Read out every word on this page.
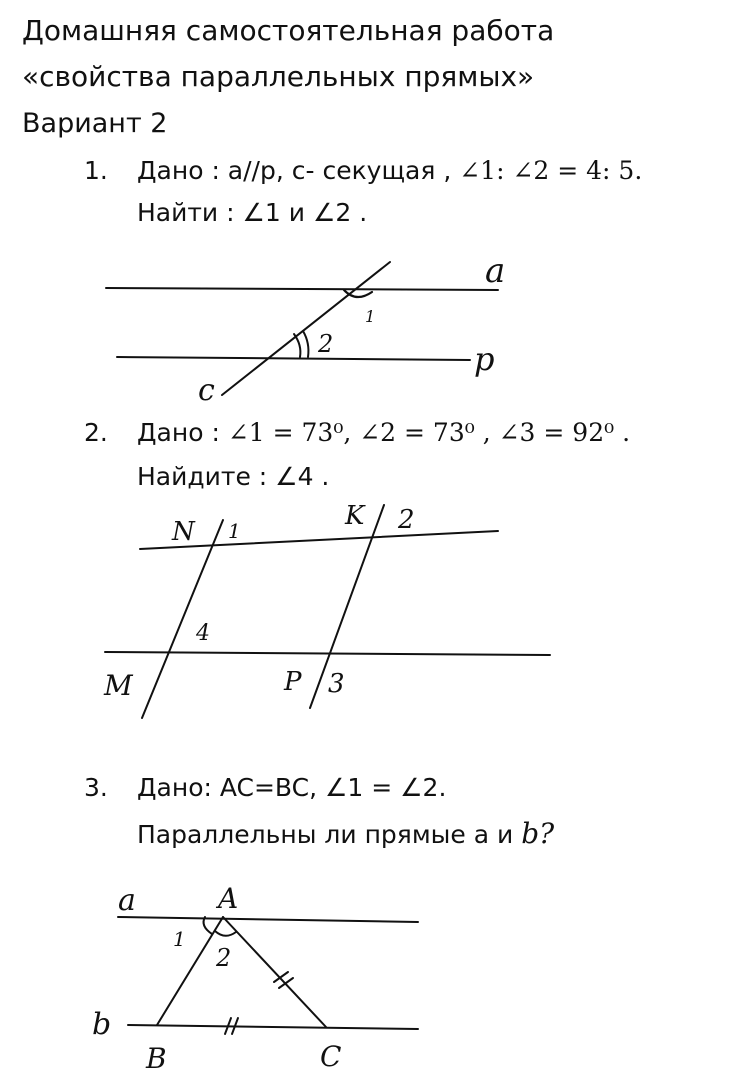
Домашняя самостоятельная работа
«свойства параллельных прямых»
Вариант 2
1. Дано : a//p, c- секущая , ∠1: ∠2 = 4: 5.
Найти : ∠1 и ∠2 .
a
p
c
1
2
2. Дано : ∠1 = 73⁰, ∠2 = 73⁰ , ∠3 = 92⁰ .
Найдите : ∠4 .
N 1	K 2
4
M	P 3
3. Дано: AC=BC, ∠1 = ∠2.
Параллельны ли прямые а и b?
a	A
1
2
b
B	C
